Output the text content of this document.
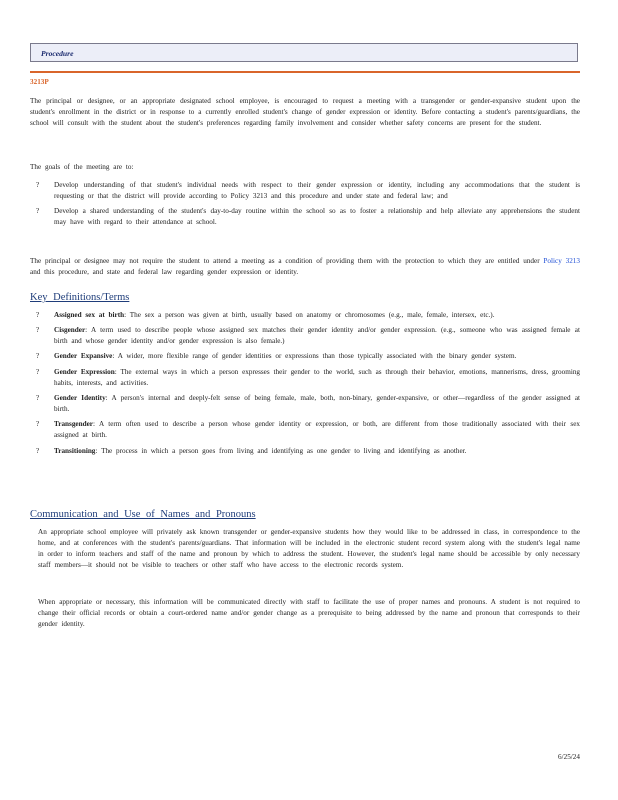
Procedure
3213P

The principal or designee, or an appropriate designated school employee, is encouraged to request a meeting with a transgender or gender-expansive student upon the student's enrollment in the district or in response to a currently enrolled student's change of gender expression or identity. Before contacting a student's parents/guardians, the school will consult with the student about the student's preferences regarding family involvement and consider whether safety concerns are present for the student.

The goals of the meeting are to:

? Develop understanding of that student's individual needs with respect to their gender expression or identity, including any accommodations that the student is requesting or that the district will provide according to Policy 3213 and this procedure and under state and federal law; and
? Develop a shared understanding of the student's day-to-day routine within the school so as to foster a relationship and help alleviate any apprehensions the student may have with regard to their attendance at school.

The principal or designee may not require the student to attend a meeting as a condition of providing them with the protection to which they are entitled under Policy 3213 and this procedure, and state and federal law regarding gender expression or identity.

Key Definitions/Terms
? Assigned sex at birth: The sex a person was given at birth, usually based on anatomy or chromosomes (e.g., male, female, intersex, etc.).
? Cisgender: A term used to describe people whose assigned sex matches their gender identity and/or gender expression. (e.g., someone who was assigned female at birth and whose gender identity and/or gender expression is also female.)
? Gender Expansive: A wider, more flexible range of gender identities or expressions than those typically associated with the binary gender system.
? Gender Expression: The external ways in which a person expresses their gender to the world, such as through their behavior, emotions, mannerisms, dress, grooming habits, interests, and activities.
? Gender Identity: A person's internal and deeply-felt sense of being female, male, both, non-binary, gender-expansive, or other—regardless of the gender assigned at birth.
? Transgender: A term often used to describe a person whose gender identity or expression, or both, are different from those traditionally associated with their sex assigned at birth.
? Transitioning: The process in which a person goes from living and identifying as one gender to living and identifying as another.
Communication and Use of Names and Pronouns

An appropriate school employee will privately ask known transgender or gender-expansive students how they would like to be addressed in class, in correspondence to the home, and at conferences with the student's parents/guardians. That information will be included in the electronic student record system along with the student's legal name in order to inform teachers and staff of the name and pronoun by which to address the student. However, the student's legal name should be accessible by only necessary staff members—it should not be visible to teachers or other staff who have access to the electronic records system.

When appropriate or necessary, this information will be communicated directly with staff to facilitate the use of proper names and pronouns. A student is not required to change their official records or obtain a court-ordered name and/or gender change as a prerequisite to being addressed by the name and pronoun that corresponds to their gender identity.

6/25/24
